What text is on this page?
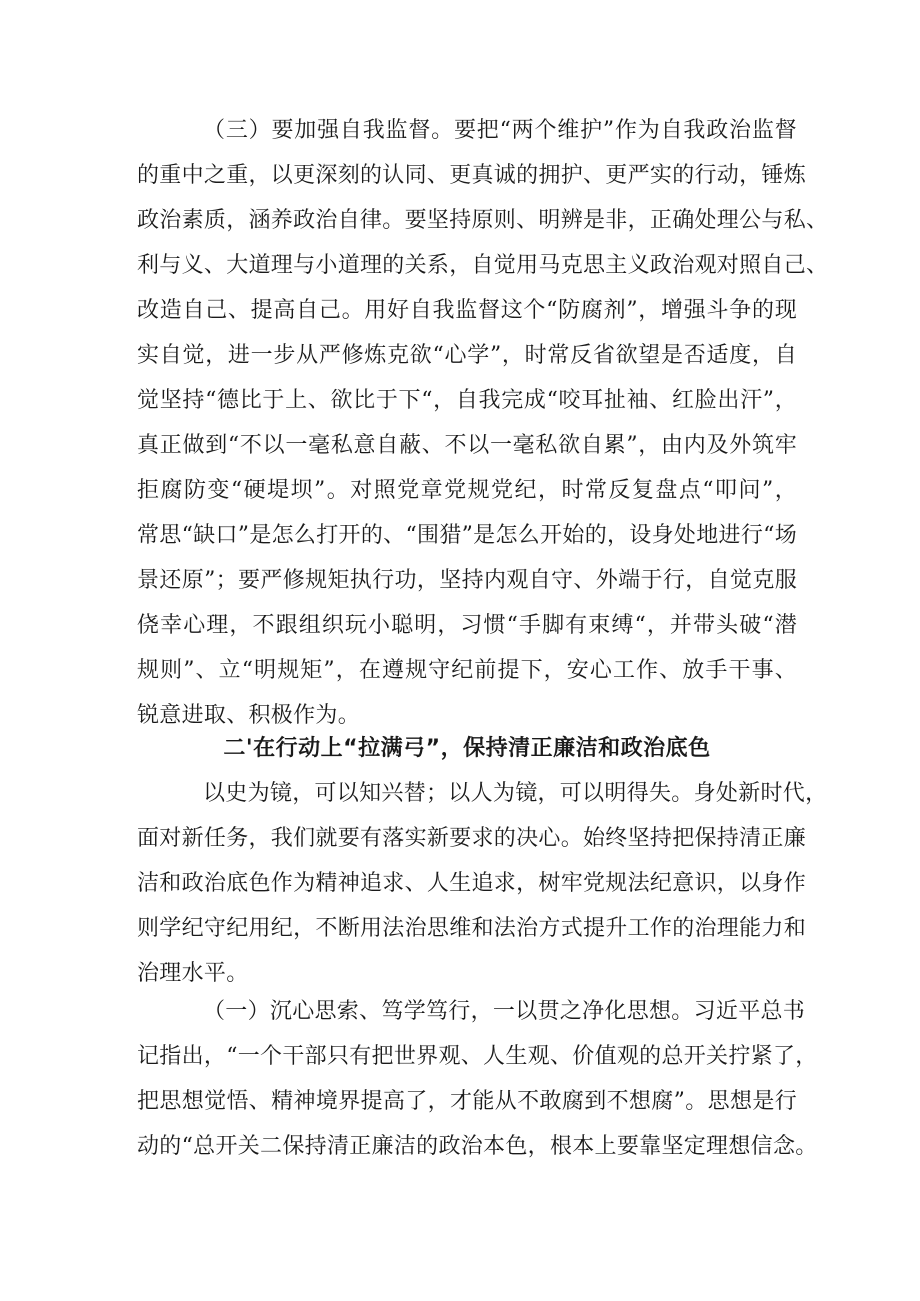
（三）要加强自我监督。要把“两个维护”作为自我政治监督
的重中之重，以更深刻的认同、更真诚的拥护、更严实的行动，锤炼
政治素质，涵养政治自律。要坚持原则、明辨是非，正确处理公与私、
利与义、大道理与小道理的关系，自觉用马克思主义政治观对照自己、
改造自己、提高自己。用好自我监督这个“防腐剂”，增强斗争的现
实自觉，进一步从严修炼克欲“心学”，时常反省欲望是否适度，自
觉坚持“德比于上、欲比于下“，自我完成“咬耳扯袖、红脸出汗”，
真正做到“不以一毫私意自蔽、不以一毫私欲自累”，由内及外筑牢
拒腐防变“硬堤坝”。对照党章党规党纪，时常反复盘点“叩问”，
常思“缺口”是怎么打开的、“围猎”是怎么开始的，设身处地进行“场
景还原”；要严修规矩执行功，坚持内观自守、外端于行，自觉克服
侥幸心理，不跟组织玩小聪明，习惯“手脚有束缚“，并带头破“潜
规则”、立“明规矩”，在遵规守纪前提下，安心工作、放手干事、
锐意进取、积极作为。
二'在行动上“拉满弓”，保持清正廉洁和政治底色
以史为镜，可以知兴替；以人为镜，可以明得失。身处新时代，
面对新任务，我们就要有落实新要求的决心。始终坚持把保持清正廉
洁和政治底色作为精神追求、人生追求，树牢党规法纪意识，以身作
则学纪守纪用纪，不断用法治思维和法治方式提升工作的治理能力和
治理水平。
（一）沉心思索、笃学笃行，一以贯之净化思想。习近平总书
记指出，“一个干部只有把世界观、人生观、价值观的总开关拧紧了，
把思想觉悟、精神境界提高了，才能从不敢腐到不想腐”。思想是行
动的“总开关二保持清正廉洁的政治本色，根本上要靠坚定理想信念。
